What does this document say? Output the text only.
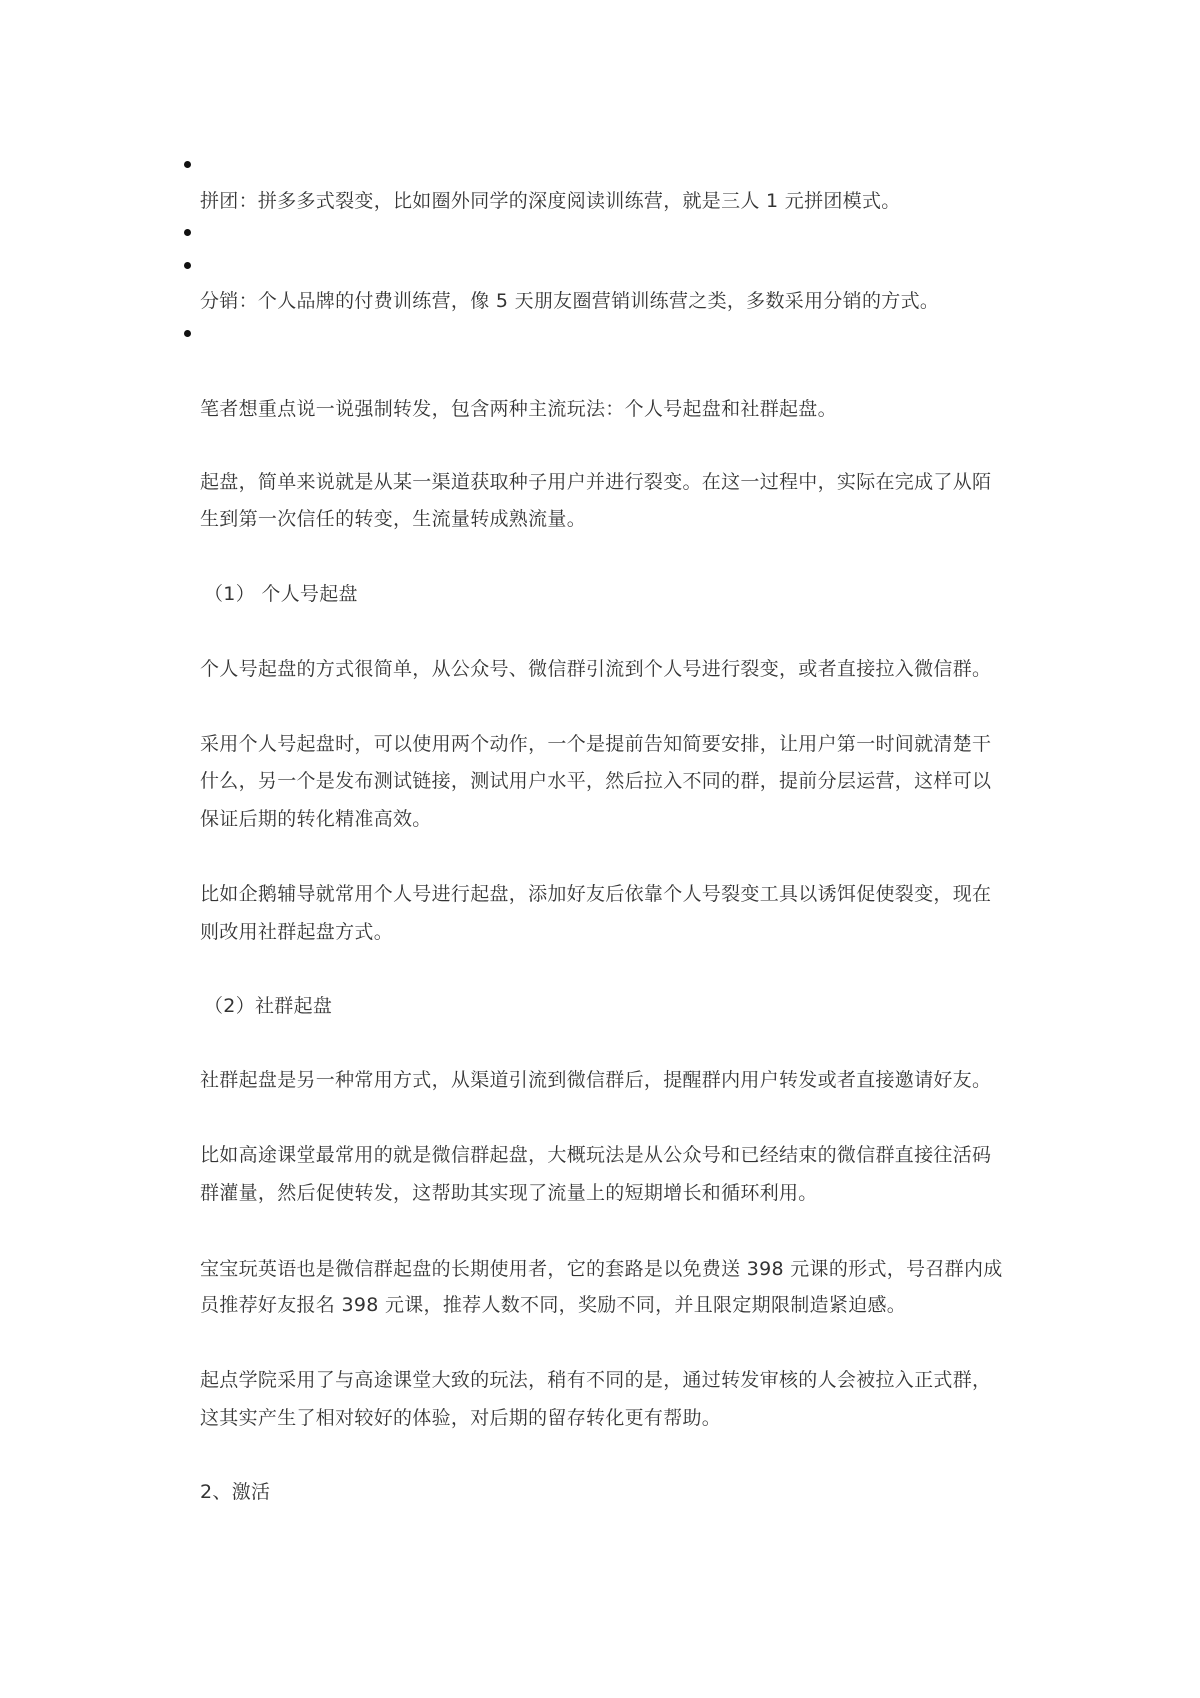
拼团：拼多多式裂变，比如圈外同学的深度阅读训练营，就是三人 1 元拼团模式。
分销：个人品牌的付费训练营，像 5 天朋友圈营销训练营之类，多数采用分销的方式。
笔者想重点说一说强制转发，包含两种主流玩法：个人号起盘和社群起盘。
起盘，简单来说就是从某一渠道获取种子用户并进行裂变。在这一过程中，实际在完成了从陌
生到第一次信任的转变，生流量转成熟流量。
（1） 个人号起盘
个人号起盘的方式很简单，从公众号、微信群引流到个人号进行裂变，或者直接拉入微信群。
采用个人号起盘时，可以使用两个动作，一个是提前告知简要安排，让用户第一时间就清楚干
什么，另一个是发布测试链接，测试用户水平，然后拉入不同的群，提前分层运营，这样可以
保证后期的转化精准高效。
比如企鹅辅导就常用个人号进行起盘，添加好友后依靠个人号裂变工具以诱饵促使裂变，现在
则改用社群起盘方式。
（2）社群起盘
社群起盘是另一种常用方式，从渠道引流到微信群后，提醒群内用户转发或者直接邀请好友。
比如高途课堂最常用的就是微信群起盘，大概玩法是从公众号和已经结束的微信群直接往活码
群灌量，然后促使转发，这帮助其实现了流量上的短期增长和循环利用。
宝宝玩英语也是微信群起盘的长期使用者，它的套路是以免费送 398 元课的形式，号召群内成
员推荐好友报名 398 元课，推荐人数不同，奖励不同，并且限定期限制造紧迫感。
起点学院采用了与高途课堂大致的玩法，稍有不同的是，通过转发审核的人会被拉入正式群，
这其实产生了相对较好的体验，对后期的留存转化更有帮助。
2、激活
